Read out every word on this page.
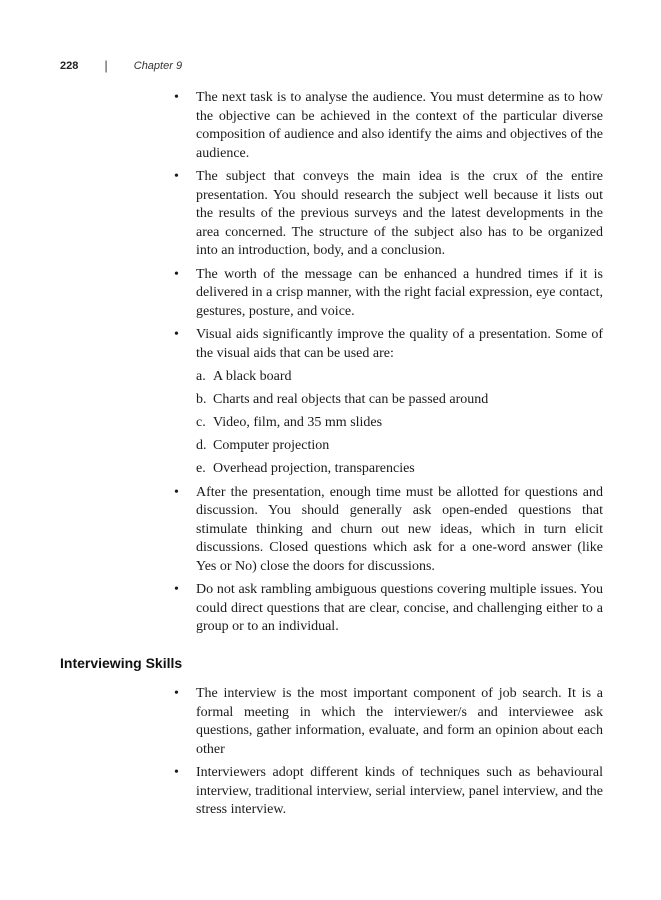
228 | Chapter 9
• The next task is to analyse the audience. You must determine as to how the objective can be achieved in the context of the particular diverse composition of audience and also identify the aims and objectives of the audience.
• The subject that conveys the main idea is the crux of the entire presentation. You should research the subject well because it lists out the results of the previous surveys and the latest developments in the area concerned. The structure of the subject also has to be organized into an introduction, body, and a conclusion.
• The worth of the message can be enhanced a hundred times if it is delivered in a crisp manner, with the right facial expression, eye contact, gestures, posture, and voice.
• Visual aids significantly improve the quality of a presentation. Some of the visual aids that can be used are:
a. A black board
b. Charts and real objects that can be passed around
c. Video, film, and 35 mm slides
d. Computer projection
e. Overhead projection, transparencies
• After the presentation, enough time must be allotted for questions and discussion. You should generally ask open-ended questions that stimulate thinking and churn out new ideas, which in turn elicit discussions. Closed questions which ask for a one-word answer (like Yes or No) close the doors for discussions.
• Do not ask rambling ambiguous questions covering multiple issues. You could direct questions that are clear, concise, and challenging either to a group or to an individual.
Interviewing Skills
• The interview is the most important component of job search. It is a formal meeting in which the interviewer/s and interviewee ask questions, gather information, evaluate, and form an opinion about each other
• Interviewers adopt different kinds of techniques such as behavioural interview, traditional interview, serial interview, panel interview, and the stress interview.
